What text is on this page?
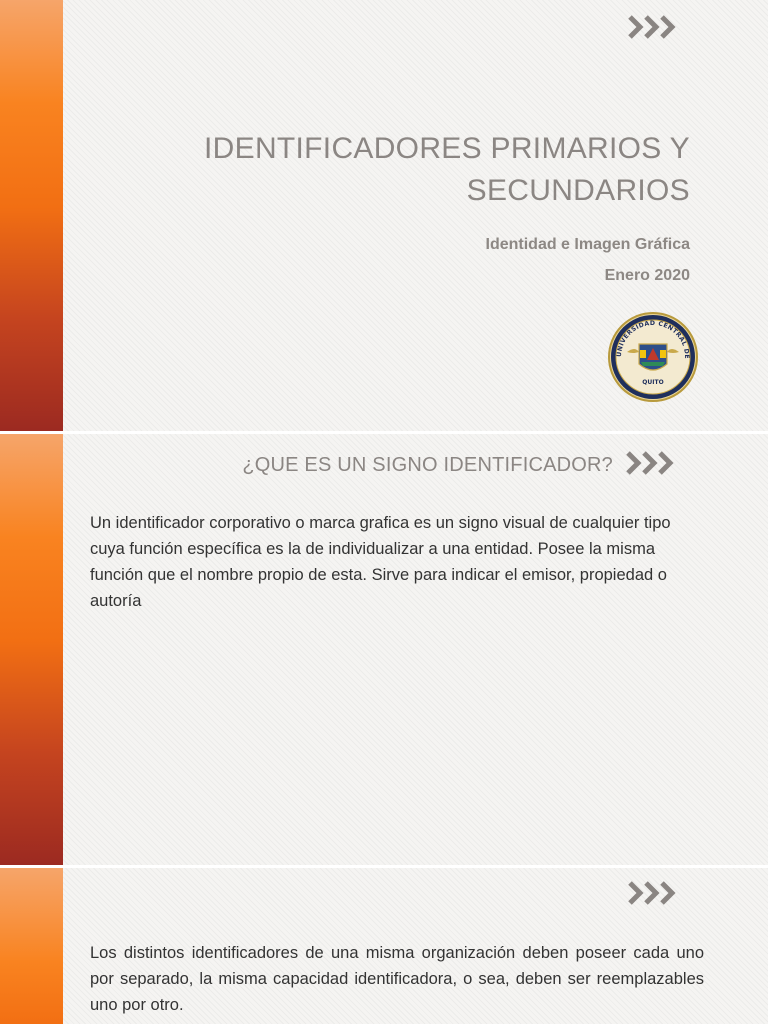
IDENTIFICADORES PRIMARIOS Y SECUNDARIOS
Identidad e Imagen Gráfica
Enero 2020
UNIVERSIDAD CENTRAL DE
QUITO
¿QUE ES UN SIGNO IDENTIFICADOR?
Un identificador corporativo o marca grafica es un signo visual de cualquier tipo cuya función específica es la de individualizar a una entidad. Posee la misma función que el nombre propio de esta. Sirve para indicar el emisor, propiedad o autoría
Los distintos identificadores de una misma organización deben poseer cada uno por separado, la misma capacidad identificadora, o sea, deben ser reemplazables uno por otro.
